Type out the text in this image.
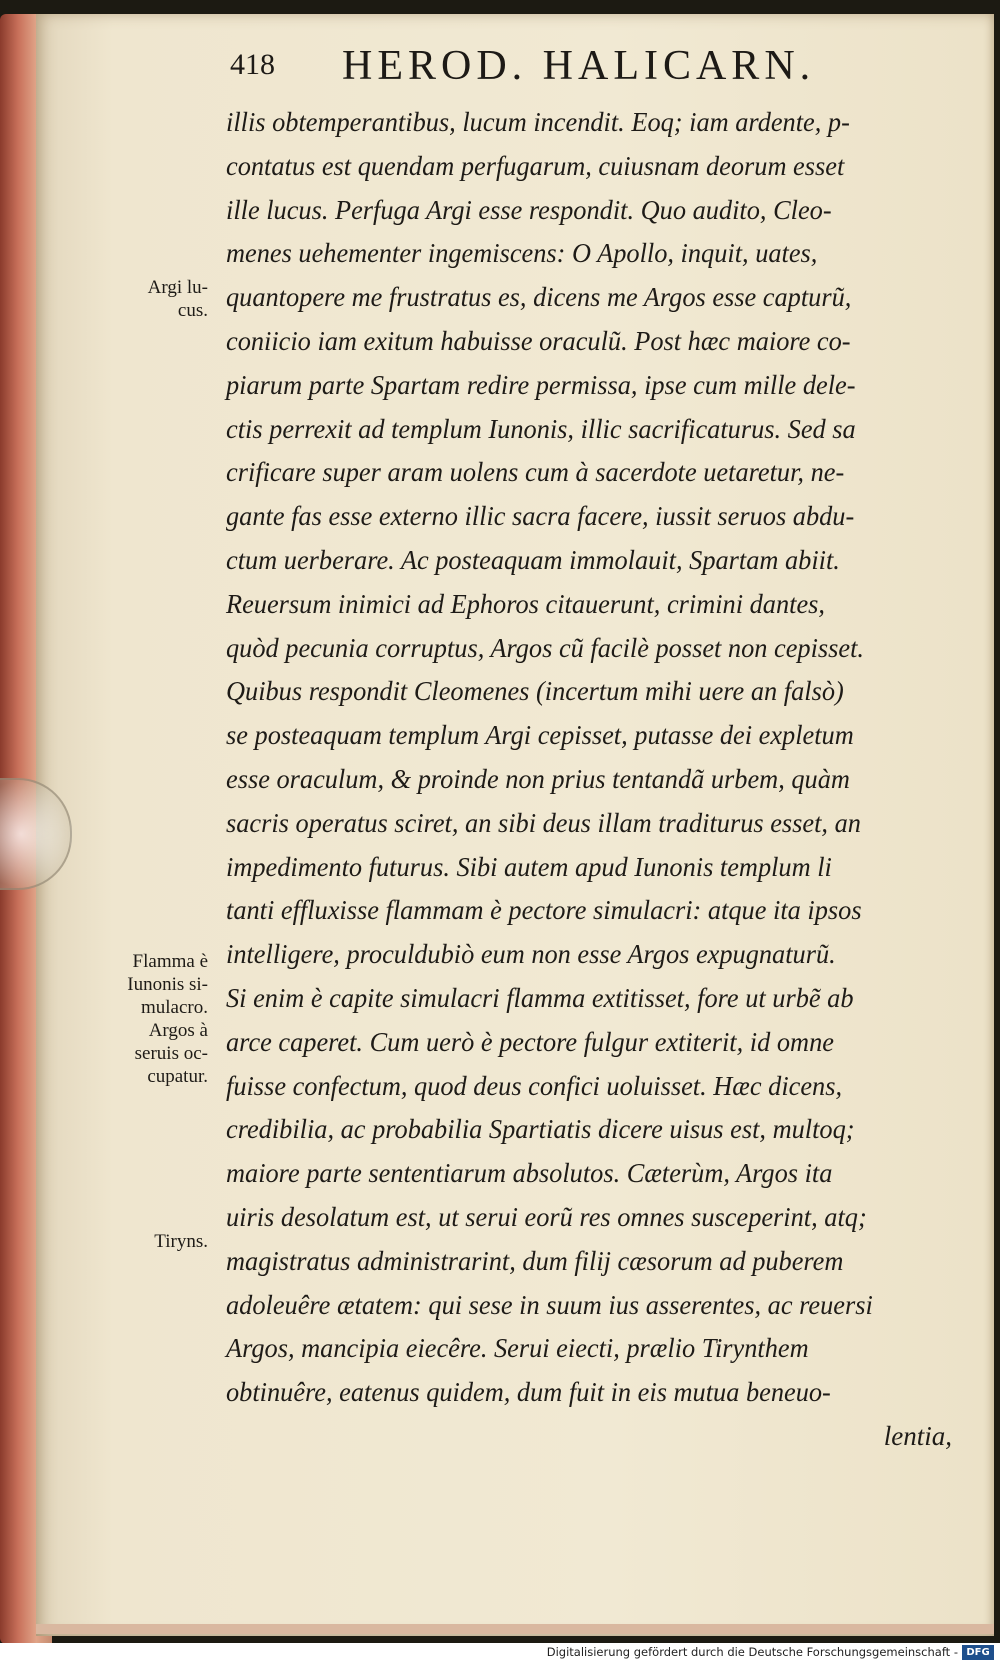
418 HEROD. HALICARN.
illis obtemperantibus, lucum incendit. Eoq; iam ardente, p-
contatus est quendam perfugarum, cuiusnam deorum esset
ille lucus. Perfuga Argi esse respondit. Quo audito, Cleo-
menes uehementer ingemiscens: O Apollo, inquit, uates,
quantopere me frustratus es, dicens me Argos esse capturũ,
coniicio iam exitum habuisse oraculũ. Post hæc maiore co-
piarum parte Spartam redire permissa, ipse cum mille dele-
ctis perrexit ad templum Iunonis, illic sacrificaturus. Sed sa
crificare super aram uolens cum à sacerdote uetaretur, ne-
gante fas esse externo illic sacra facere, iussit seruos abdu-
ctum uerberare. Ac posteaquam immolauit, Spartam abiit.
Reuersum inimici ad Ephoros citauerunt, crimini dantes,
quòd pecunia corruptus, Argos cũ facilè posset non cepisset.
Quibus respondit Cleomenes (incertum mihi uere an falsò)
se posteaquam templum Argi cepisset, putasse dei expletum
esse oraculum, & proinde non prius tentandã urbem, quàm
sacris operatus sciret, an sibi deus illam traditurus esset, an
impedimento futurus. Sibi autem apud Iunonis templum li
tanti effluxisse flammam è pectore simulacri: atque ita ipsos
intelligere, proculdubiò eum non esse Argos expugnaturũ.
Si enim è capite simulacri flamma extitisset, fore ut urbẽ ab
arce caperet. Cum uerò è pectore fulgur extiterit, id omne
fuisse confectum, quod deus confici uoluisset. Hæc dicens,
credibilia, ac probabilia Spartiatis dicere uisus est, multoq;
maiore parte sententiarum absolutos. Cæterùm, Argos ita
uiris desolatum est, ut serui eorũ res omnes susceperint, atq;
magistratus administrarint, dum filij cæsorum ad puberem
adoleuêre ætatem: qui sese in suum ius asserentes, ac reuersi
Argos, mancipia eiecêre. Serui eiecti, prælio Tirynthem
obtinuêre, eatenus quidem, dum fuit in eis mutua beneuo-
lentia,
Argi lu-
cus.
Flamma è
Iunonis si-
mulacro.
Argos à
seruis oc-
cupatur.
Tiryns.
Digitalisierung gefördert durch die Deutsche Forschungsgemeinschaft - DFG
